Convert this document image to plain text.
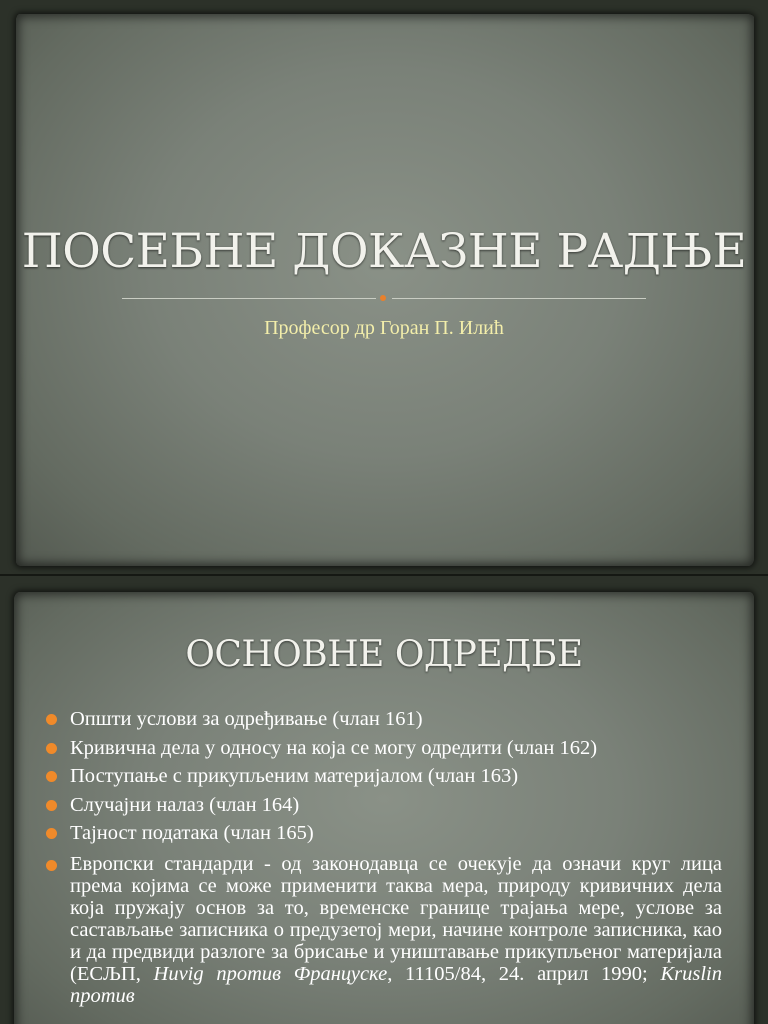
ПОСЕБНЕ ДОКАЗНЕ РАДЊЕ
Професор др Горан П. Илић
ОСНОВНЕ ОДРЕДБЕ
Општи услови за одређивање (члан 161)
Кривична дела у односу на која се могу одредити (члан 162)
Поступање с прикупљеним материјалом (члан 163)
Случајни налаз (члан 164)
Тајност података (члан 165)
Европски стандарди - од законодавца се очекује да означи круг лица према којима се може применити таква мера, природу кривичних дела која пружају основ за то, временске границе трајања мере, услове за састављање записника о предузетој мери, начине контроле записника, као и да предвиди разлоге за брисање и уништавање прикупљеног материјала (ЕСЉП, Huvig против Француске, 11105/84, 24. април 1990; Kruslin против
